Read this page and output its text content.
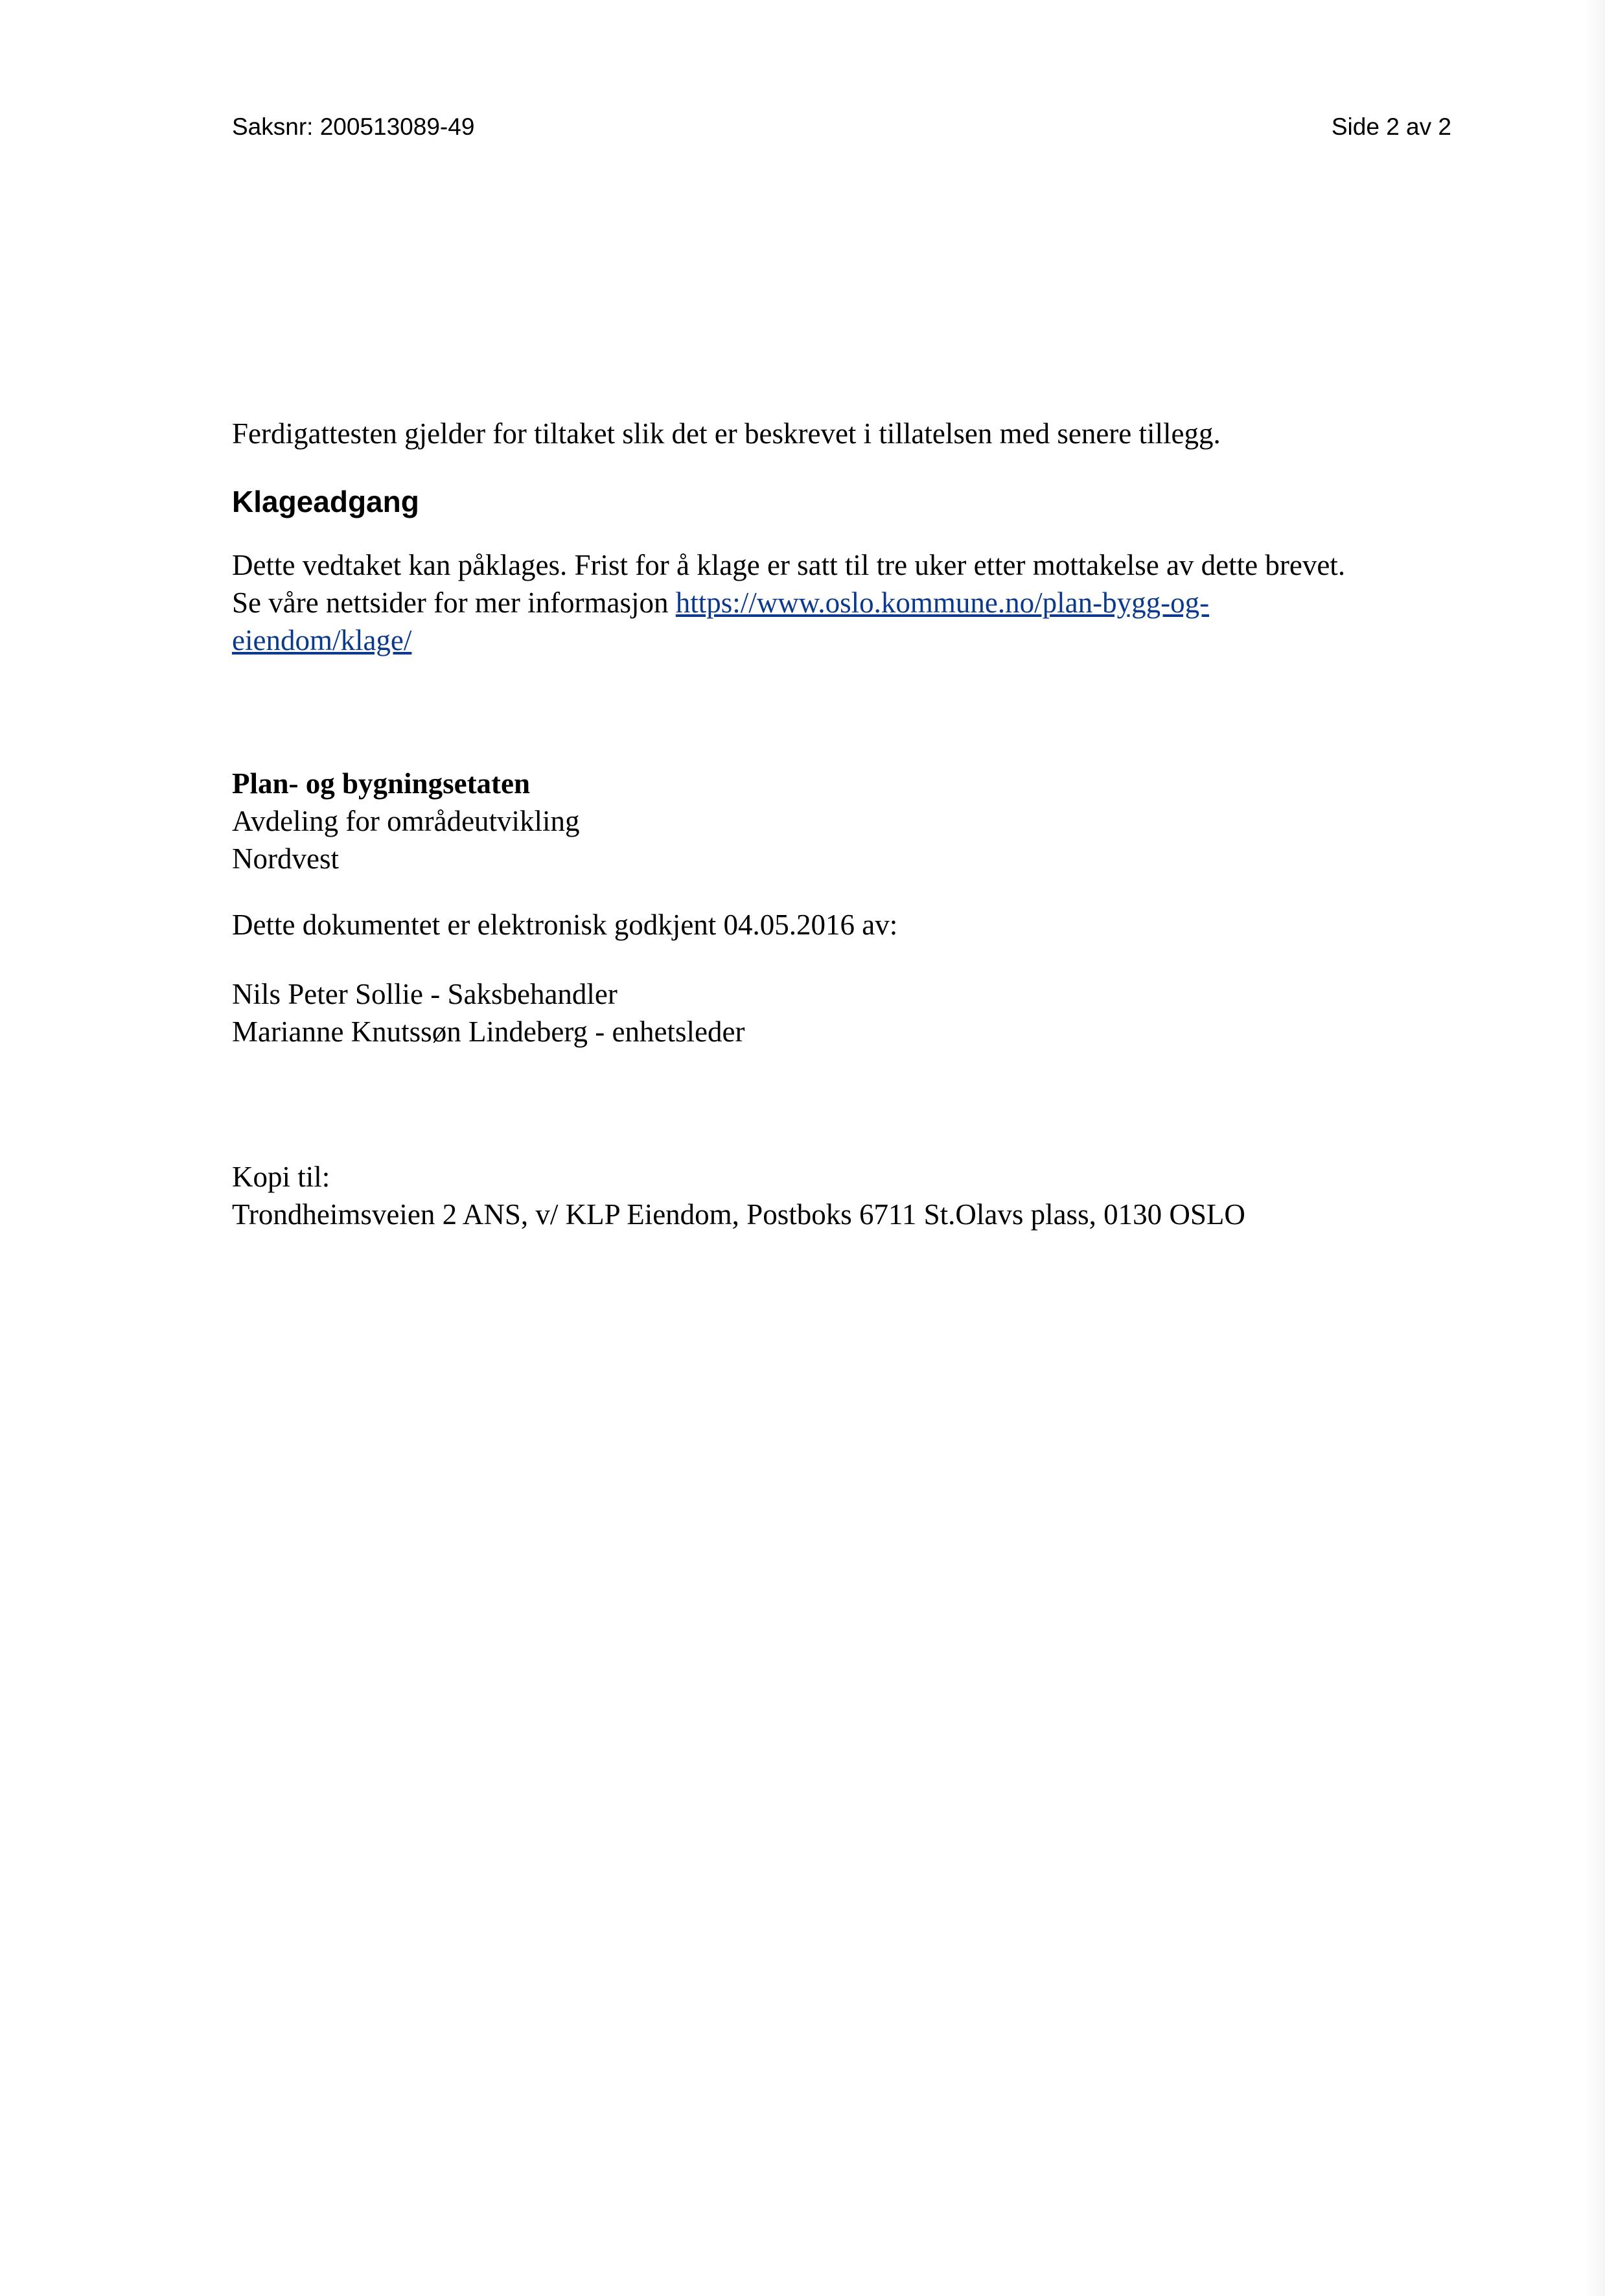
Saksnr: 200513089-49	Side 2 av 2
Ferdigattesten gjelder for tiltaket slik det er beskrevet i tillatelsen med senere tillegg.
Klageadgang
Dette vedtaket kan påklages. Frist for å klage er satt til tre uker etter mottakelse av dette brevet.
Se våre nettsider for mer informasjon https://www.oslo.kommune.no/plan-bygg-og-
eiendom/klage/
Plan- og bygningsetaten
Avdeling for områdeutvikling
Nordvest
Dette dokumentet er elektronisk godkjent 04.05.2016 av:
Nils Peter Sollie - Saksbehandler
Marianne Knutssøn Lindeberg - enhetsleder
Kopi til:
Trondheimsveien 2 ANS, v/ KLP Eiendom, Postboks 6711 St.Olavs plass, 0130 OSLO
